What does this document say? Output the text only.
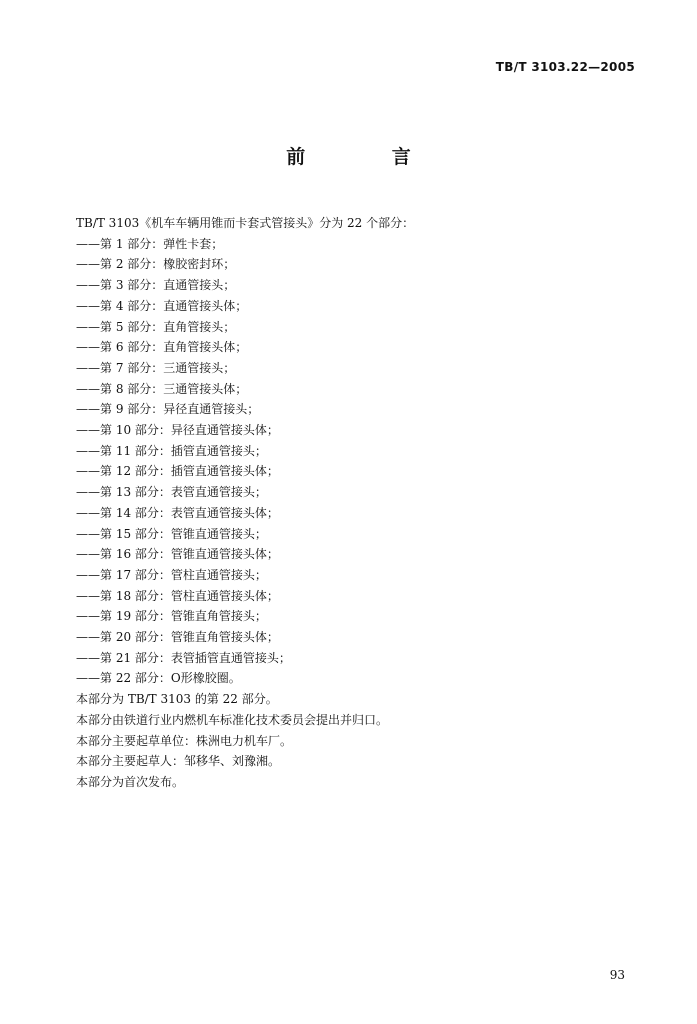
TB/T 3103.22—2005
前 言
TB/T 3103《机车车辆用锥而卡套式管接头》分为 22 个部分：
——第 1 部分：弹性卡套；
——第 2 部分：橡胶密封环；
——第 3 部分：直通管接头；
——第 4 部分：直通管接头体；
——第 5 部分：直角管接头；
——第 6 部分：直角管接头体；
——第 7 部分：三通管接头；
——第 8 部分：三通管接头体；
——第 9 部分：异径直通管接头；
——第 10 部分：异径直通管接头体；
——第 11 部分：插管直通管接头；
——第 12 部分：插管直通管接头体；
——第 13 部分：表管直通管接头；
——第 14 部分：表管直通管接头体；
——第 15 部分：管锥直通管接头；
——第 16 部分：管锥直通管接头体；
——第 17 部分：管柱直通管接头；
——第 18 部分：管柱直通管接头体；
——第 19 部分：管锥直角管接头；
——第 20 部分：管锥直角管接头体；
——第 21 部分：表管插管直通管接头；
——第 22 部分：O形橡胶圈。
本部分为 TB/T 3103 的第 22 部分。
本部分由铁道行业内燃机车标准化技术委员会提出并归口。
本部分主要起草单位：株洲电力机车厂。
本部分主要起草人：邹移华、刘豫湘。
本部分为首次发布。
93
